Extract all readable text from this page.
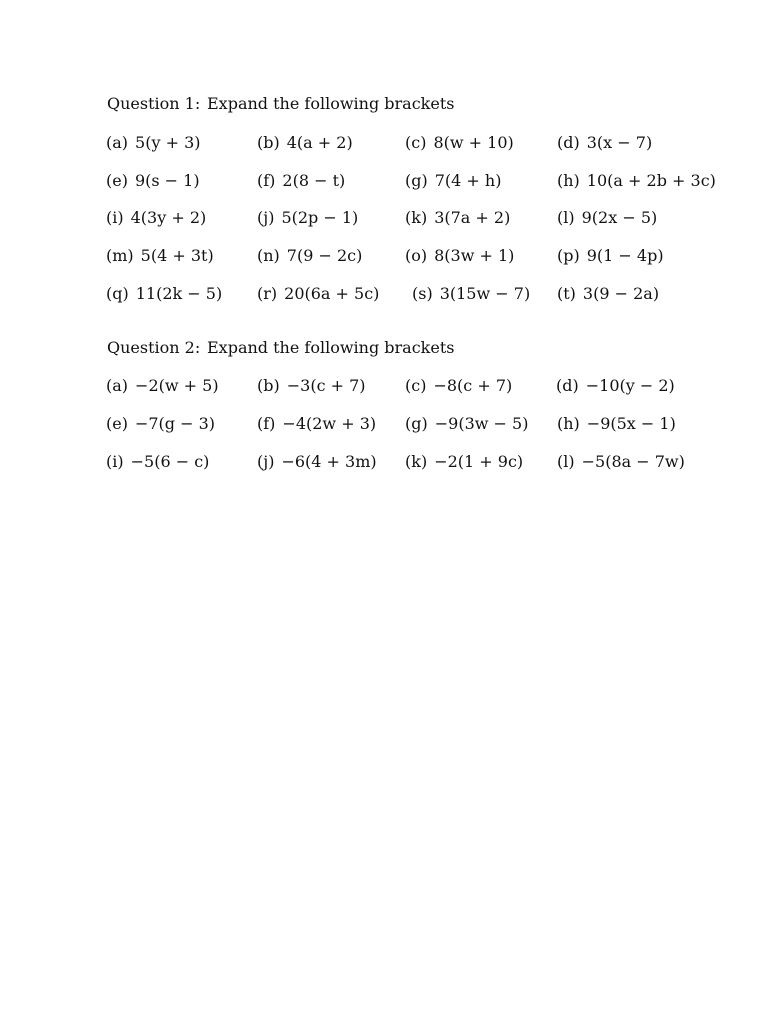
Question 1: Expand the following brackets
(a) 5(y + 3)	(b) 4(a + 2)	(c) 8(w + 10)	(d) 3(x − 7)
(e) 9(s − 1)	(f) 2(8 − t)	(g) 7(4 + h)	(h) 10(a + 2b + 3c)
(i) 4(3y + 2)	(j) 5(2p − 1)	(k) 3(7a + 2)	(l) 9(2x − 5)
(m) 5(4 + 3t)	(n) 7(9 − 2c)	(o) 8(3w + 1)	(p) 9(1 − 4p)
(q) 11(2k − 5) (r) 20(6a + 5c) (s) 3(15w − 7) (t) 3(9 − 2a)
Question 2: Expand the following brackets
(a) −2(w + 5) (b) −3(c + 7) (c) −8(c + 7)	(d) −10(y − 2)
(e) −7(g − 3)	(f) −4(2w + 3) (g) −9(3w − 5) (h) −9(5x − 1)
(i) −5(6 − c)	(j) −6(4 + 3m) (k) −2(1 + 9c) (l) −5(8a − 7w)
